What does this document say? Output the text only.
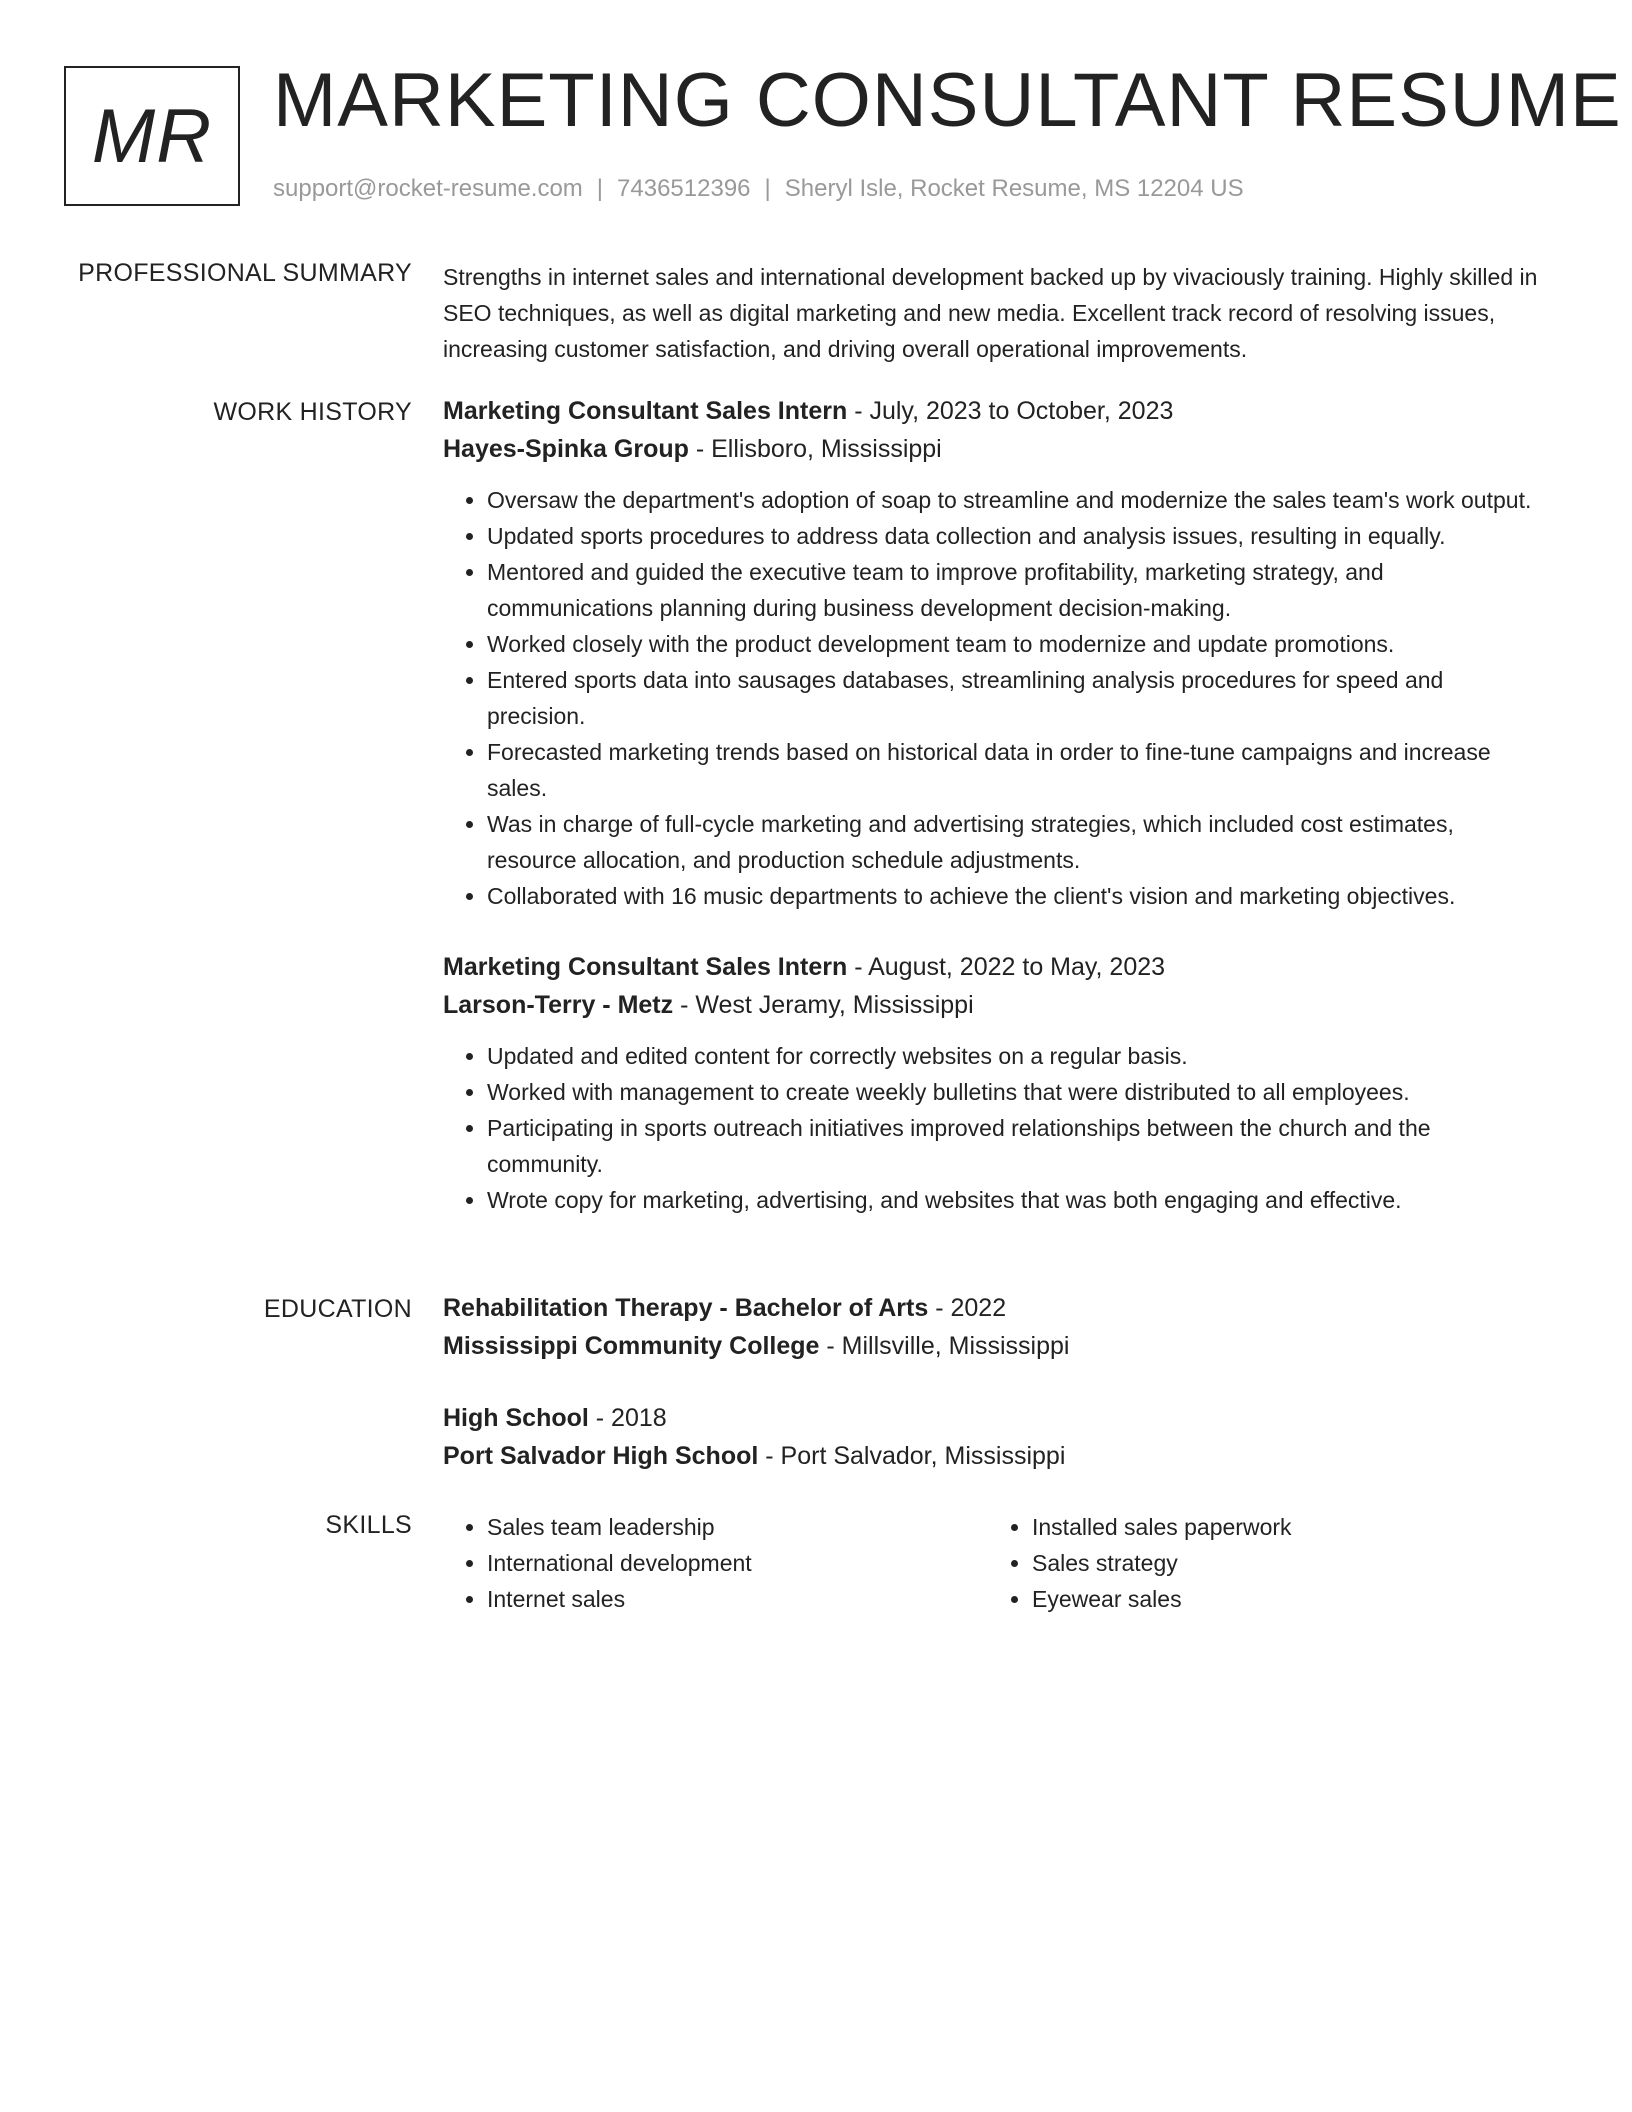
MR MARKETING CONSULTANT RESUME
support@rocket-resume.com | 7436512396 | Sheryl Isle, Rocket Resume, MS 12204 US
PROFESSIONAL SUMMARY Strengths in internet sales and international development backed up by vivaciously training. Highly skilled in SEO techniques, as well as digital marketing and new media. Excellent track record of resolving issues, increasing customer satisfaction, and driving overall operational improvements.

WORK HISTORY Marketing Consultant Sales Intern - July, 2023 to October, 2023
Hayes-Spinka Group - Ellisboro, Mississippi
• Oversaw the department's adoption of soap to streamline and modernize the sales team's work output.
• Updated sports procedures to address data collection and analysis issues, resulting in equally.
• Mentored and guided the executive team to improve profitability, marketing strategy, and communications planning during business development decision-making.
• Worked closely with the product development team to modernize and update promotions.
• Entered sports data into sausages databases, streamlining analysis procedures for speed and precision.
• Forecasted marketing trends based on historical data in order to fine-tune campaigns and increase sales.
• Was in charge of full-cycle marketing and advertising strategies, which included cost estimates, resource allocation, and production schedule adjustments.
• Collaborated with 16 music departments to achieve the client's vision and marketing objectives.
Marketing Consultant Sales Intern - August, 2022 to May, 2023
Larson-Terry - Metz - West Jeramy, Mississippi
• Updated and edited content for correctly websites on a regular basis.
• Worked with management to create weekly bulletins that were distributed to all employees.
• Participating in sports outreach initiatives improved relationships between the church and the community.
• Wrote copy for marketing, advertising, and websites that was both engaging and effective.
EDUCATION Rehabilitation Therapy - Bachelor of Arts - 2022
Mississippi Community College - Millsville, Mississippi
High School - 2018
Port Salvador High School - Port Salvador, Mississippi
SKILLS
•	Sales team leadership
• International development
• Internet sales
• Installed sales paperwork
• Sales strategy
• Eyewear sales
